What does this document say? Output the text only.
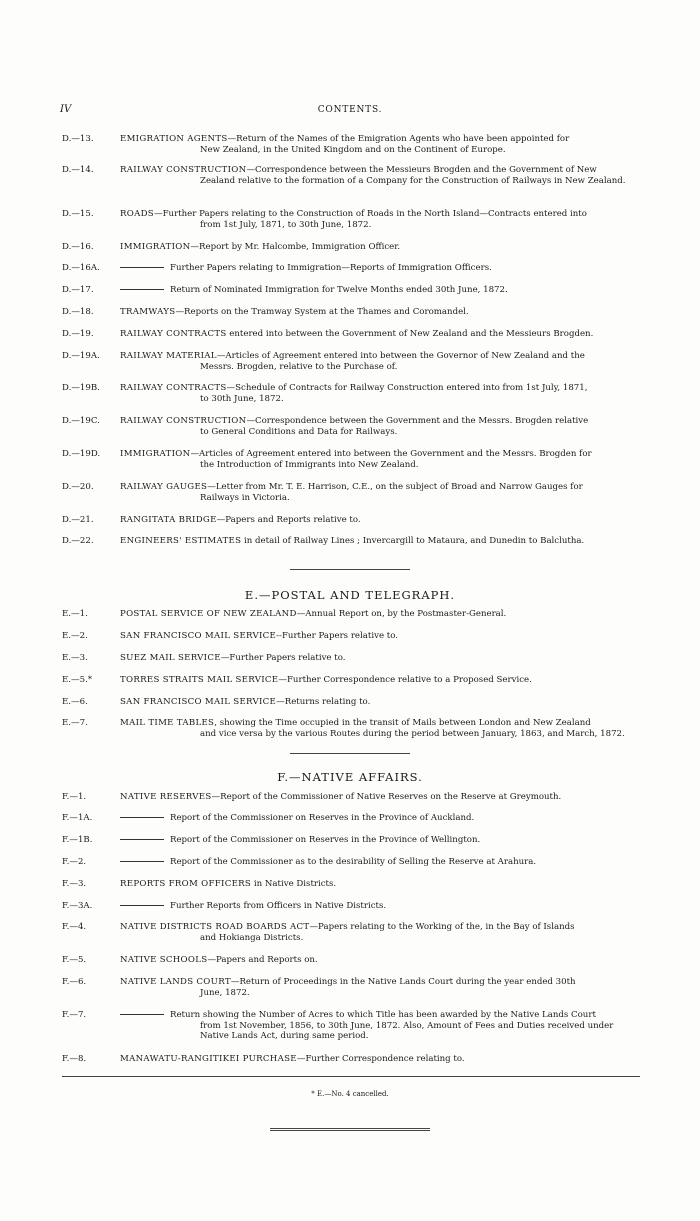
IV	CONTENTS.
D.—13.	EMIGRATION AGENTS—Return of the Names of the Emigration Agents who have been appointed for
New Zealand, in the United Kingdom and on the Continent of Europe.
D.—14.	RAILWAY CONSTRUCTION—Correspondence between the Messieurs Brogden and the Government of New
Zealand relative to the formation of a Company for the Construction of Railways in New Zealand.
D.—15.	ROADS—Further Papers relating to the Construction of Roads in the North Island—Contracts entered into
from 1st July, 1871, to 30th June, 1872.
D.—16.	IMMIGRATION—Report by Mr. Halcombe, Immigration Officer.
D.—16A.	Further Papers relating to Immigration—Reports of Immigration Officers.
D.—17.	Return of Nominated Immigration for Twelve Months ended 30th June, 1872.
D.—18.	TRAMWAYS—Reports on the Tramway System at the Thames and Coromandel.
D.—19.	RAILWAY CONTRACTS entered into between the Government of New Zealand and the Messieurs Brogden.
D.—19A.	RAILWAY MATERIAL—Articles of Agreement entered into between the Governor of New Zealand and the
Messrs. Brogden, relative to the Purchase of.
D.—19B.	RAILWAY CONTRACTS—Schedule of Contracts for Railway Construction entered into from 1st July, 1871,
to 30th June, 1872.
D.—19C.	RAILWAY CONSTRUCTION—Correspondence between the Government and the Messrs. Brogden relative
to General Conditions and Data for Railways.
D.—19D.	IMMIGRATION—Articles of Agreement entered into between the Government and the Messrs. Brogden for
the Introduction of Immigrants into New Zealand.
D.—20.	RAILWAY GAUGES—Letter from Mr. T. E. Harrison, C.E., on the subject of Broad and Narrow Gauges for
Railways in Victoria.
D.—21.	RANGITATA BRIDGE—Papers and Reports relative to.
D.—22.	ENGINEERS' ESTIMATES in detail of Railway Lines ; Invercargill to Mataura, and Dunedin to Balclutha.
E.—POSTAL AND TELEGRAPH.
E.—1.	POSTAL SERVICE OF NEW ZEALAND—Annual Report on, by the Postmaster-General.
E.—2.	SAN FRANCISCO MAIL SERVICE--Further Papers relative to.
E.—3.	SUEZ MAIL SERVICE—Further Papers relative to.
E.—5.*	TORRES STRAITS MAIL SERVICE—Further Correspondence relative to a Proposed Service.
E.—6.	SAN FRANCISCO MAIL SERVICE—Returns relating to.
E.—7.	MAIL TIME TABLES, showing the Time occupied in the transit of Mails between London and New Zealand
and vice versa by the various Routes during the period between January, 1863, and March, 1872.
F.—NATIVE AFFAIRS.
F.—1.	NATIVE RESERVES—Report of the Commissioner of Native Reserves on the Reserve at Greymouth.
F.—1A.	Report of the Commissioner on Reserves in the Province of Auckland.
F.—1B.	Report of the Commissioner on Reserves in the Province of Wellington.
F.—2.	Report of the Commissioner as to the desirability of Selling the Reserve at Arahura.
F.—3.	REPORTS FROM OFFICERS in Native Districts.
F.—3A.	Further Reports from Officers in Native Districts.
F.—4.	NATIVE DISTRICTS ROAD BOARDS ACT—Papers relating to the Working of the, in the Bay of Islands
and Hokianga Districts.
F.—5.	NATIVE SCHOOLS—Papers and Reports on.
F.—6.	NATIVE LANDS COURT—Return of Proceedings in the Native Lands Court during the year ended 30th
June, 1872.
F.—7.	Return showing the Number of Acres to which Title has been awarded by the Native Lands Court
from 1st November, 1856, to 30th June, 1872. Also, Amount of Fees and Duties received under Native Lands Act, during same period.
F.—8.	MANAWATU-RANGITIKEI PURCHASE—Further Correspondence relating to.
* E.—No. 4 cancelled.
